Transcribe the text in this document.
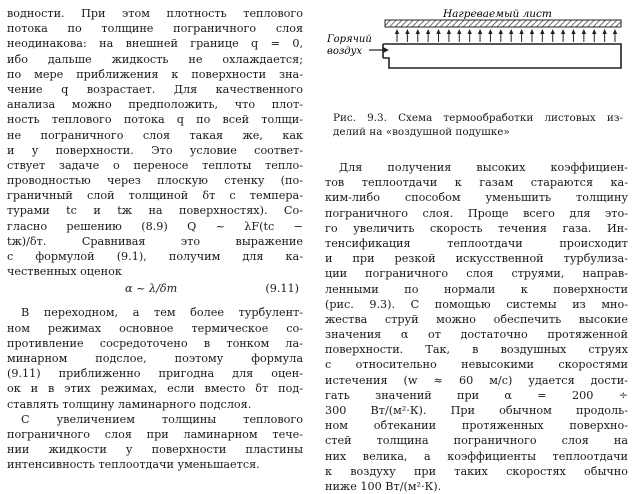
водности. При этом плотность теплового
потока по толщине пограничного слоя
неодинакова: на внешней границе q = 0,
ибо дальше жидкость не охлаждается;
по мере приближения к поверхности зна-
чение q возрастает. Для качественного
анализа можно предположить, что плот-
ность теплового потока q по всей толщи-
не пограничного слоя такая же, как
и у поверхности. Это условие соответ-
ствует задаче о переносе теплоты тепло-
проводностью через плоскую стенку (по-
граничный слой толщиной δт с темпера-
турами tс и tж на поверхностях). Со-
гласно решению (8.9) Q ~ λF(tс −
tж)/δт. Сравнивая это выражение
с формулой (9.1), получим для ка-
чественных оценок
α ~ λ/δт	(9.11)
В переходном, а тем более турбулент-
ном режимах основное термическое со-
противление сосредоточено в тонком ла-
минарном подслое, поэтому формула
(9.11) приближенно пригодна для оцен-
ок и в этих режимах, если вместо δт под-
ставлять толщину ламинарного подслоя.
С увеличением толщины теплового
пограничного слоя при ламинарном тече-
нии жидкости у поверхности пластины
интенсивность теплоотдачи уменьшается.
Нагреваемый лист
Горячий
воздух
Рис. 9.3. Схема термообработки листовых из-
делий на «воздушной подушке»
Для получения высоких коэффициен-
тов теплоотдачи к газам стараются ка-
ким-либо способом уменьшить толщину
пограничного слоя. Проще всего для это-
го увеличить скорость течения газа. Ин-
тенсификация теплоотдачи происходит
и при резкой искусственной турбулиза-
ции пограничного слоя струями, направ-
ленными по нормали к поверхности
(рис. 9.3). С помощью системы из мно-
жества струй можно обеспечить высокие
значения α от достаточно протяженной
поверхности. Так, в воздушных струях
с относительно невысокими скоростями
истечения (w ≈ 60 м/с) удается дости-
гать значений при α = 200 ÷
300 Вт/(м²·К). При обычном продоль-
ном обтекании протяженных поверхно-
стей толщина пограничного слоя на
них велика, а коэффициенты теплоотдачи
к воздуху при таких скоростях обычно
ниже 100 Вт/(м²·К).
